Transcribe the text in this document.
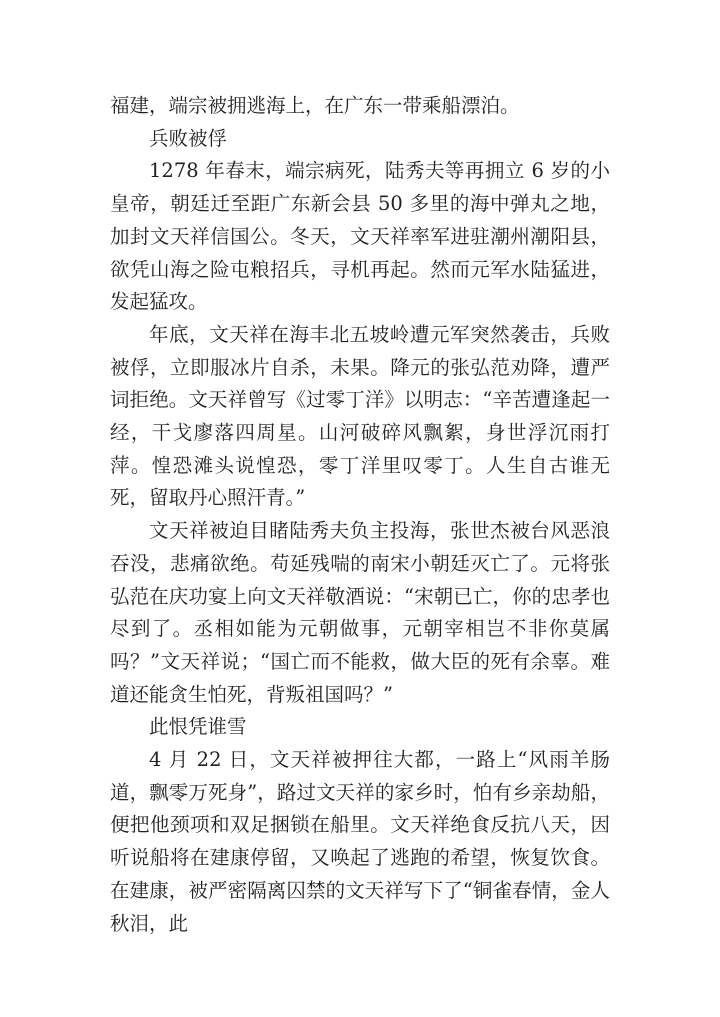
福建，端宗被拥逃海上，在广东一带乘船漂泊。

兵败被俘

1278 年春末，端宗病死，陆秀夫等再拥立 6 岁的小皇帝，朝廷迁至距广东新会县 50 多里的海中弹丸之地，加封文天祥信国公。冬天，文天祥率军进驻潮州潮阳县，欲凭山海之险屯粮招兵，寻机再起。然而元军水陆猛进，发起猛攻。

年底，文天祥在海丰北五坡岭遭元军突然袭击，兵败被俘，立即服冰片自杀，未果。降元的张弘范劝降，遭严词拒绝。文天祥曾写《过零丁洋》以明志：“辛苦遭逢起一经，干戈廖落四周星。山河破碎风飘絮，身世浮沉雨打萍。惶恐滩头说惶恐，零丁洋里叹零丁。人生自古谁无死，留取丹心照汗青。”

文天祥被迫目睹陆秀夫负主投海，张世杰被台风恶浪吞没，悲痛欲绝。苟延残喘的南宋小朝廷灭亡了。元将张弘范在庆功宴上向文天祥敬酒说：“宋朝已亡，你的忠孝也尽到了。丞相如能为元朝做事，元朝宰相岂不非你莫属吗？”文天祥说；“国亡而不能救，做大臣的死有余辜。难道还能贪生怕死，背叛祖国吗？”

此恨凭谁雪

4 月 22 日，文天祥被押往大都，一路上“风雨羊肠道，飘零万死身”，路过文天祥的家乡时，怕有乡亲劫船，便把他颈项和双足捆锁在船里。文天祥绝食反抗八天，因听说船将在建康停留，又唤起了逃跑的希望，恢复饮食。在建康，被严密隔离囚禁的文天祥写下了“铜雀春情，金人秋泪，此
